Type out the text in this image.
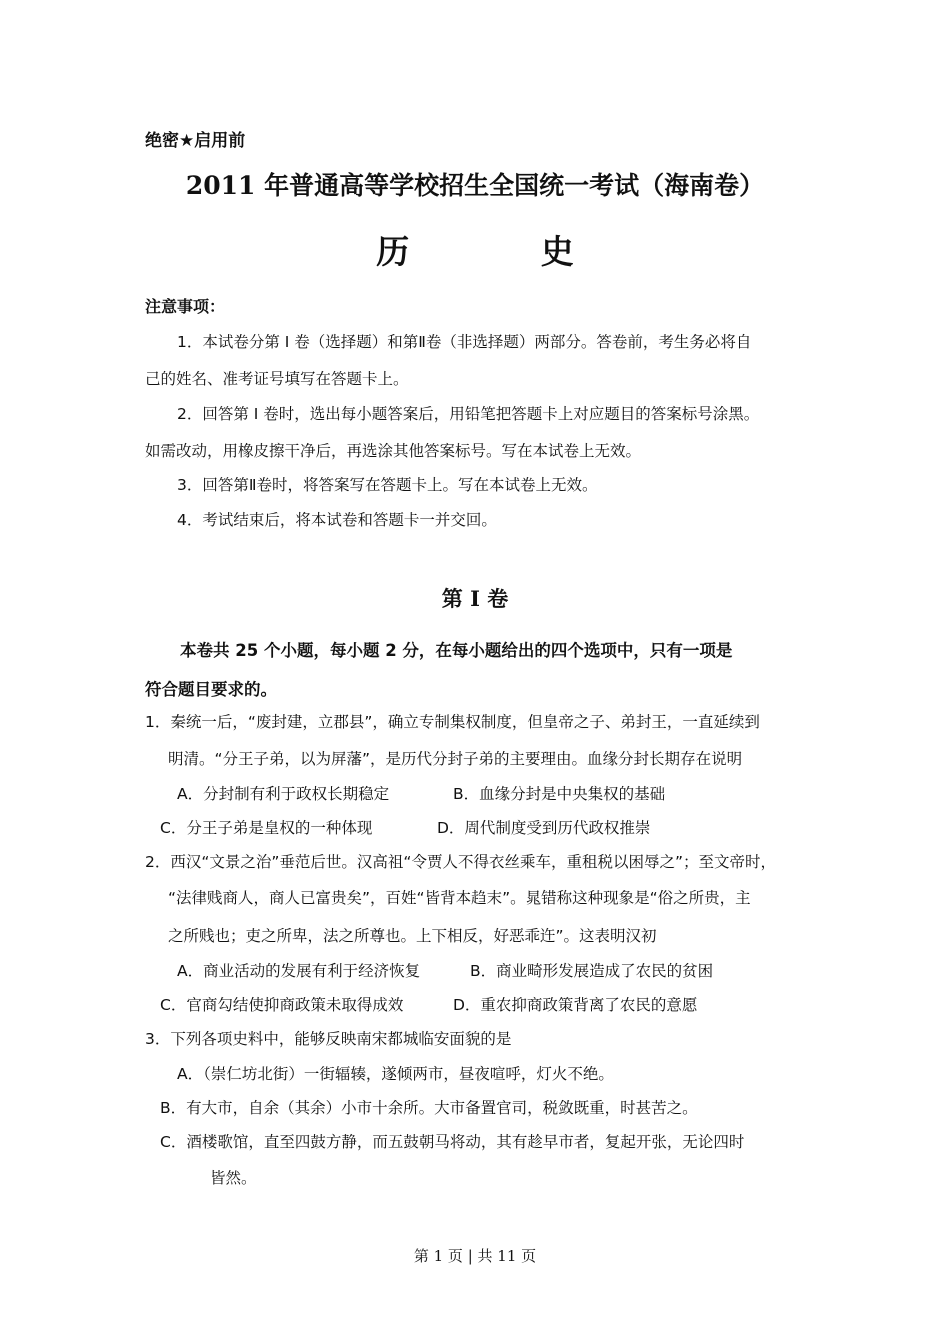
绝密★启用前
2011 年普通高等学校招生全国统一考试（海南卷）
历 史
注意事项：
1．本试卷分第 I 卷（选择题）和第Ⅱ卷（非选择题）两部分。答卷前，考生务必将自
己的姓名、准考证号填写在答题卡上。
2．回答第 I 卷时，选出每小题答案后，用铅笔把答题卡上对应题目的答案标号涂黑。
如需改动，用橡皮擦干净后，再选涂其他答案标号。写在本试卷上无效。
3．回答第Ⅱ卷时，将答案写在答题卡上。写在本试卷上无效。
4．考试结束后，将本试卷和答题卡一并交回。
第 I 卷
本卷共 25 个小题，每小题 2 分，在每小题给出的四个选项中，只有一项是
符合题目要求的。
1．秦统一后，“废封建，立郡县”，确立专制集权制度，但皇帝之子、弟封王，一直延续到
明清。“分王子弟，以为屏藩”，是历代分封子弟的主要理由。血缘分封长期存在说明
A．分封制有利于政权长期稳定	B．血缘分封是中央集权的基础
C．分王子弟是皇权的一种体现	D．周代制度受到历代政权推崇
2．西汉“文景之治”垂范后世。汉高祖“令贾人不得衣丝乘车，重租税以困辱之”；至文帝时，
“法律贱商人，商人已富贵矣”，百姓“皆背本趋末”。晁错称这种现象是“俗之所贵，主
之所贱也；吏之所卑，法之所尊也。上下相反，好恶乖迕”。这表明汉初
A．商业活动的发展有利于经济恢复	B．商业畸形发展造成了农民的贫困
C．官商勾结使抑商政策未取得成效	D．重农抑商政策背离了农民的意愿
3．下列各项史料中，能够反映南宋都城临安面貌的是
A．（崇仁坊北街）一街辐辏，遂倾两市，昼夜喧呼，灯火不绝。
B．有大市，自余（其余）小市十余所。大市备置官司，税敛既重，时甚苦之。
C．酒楼歌馆，直至四鼓方静，而五鼓朝马将动，其有趁早市者，复起开张，无论四时
皆然。
第 1 页 | 共 11 页
